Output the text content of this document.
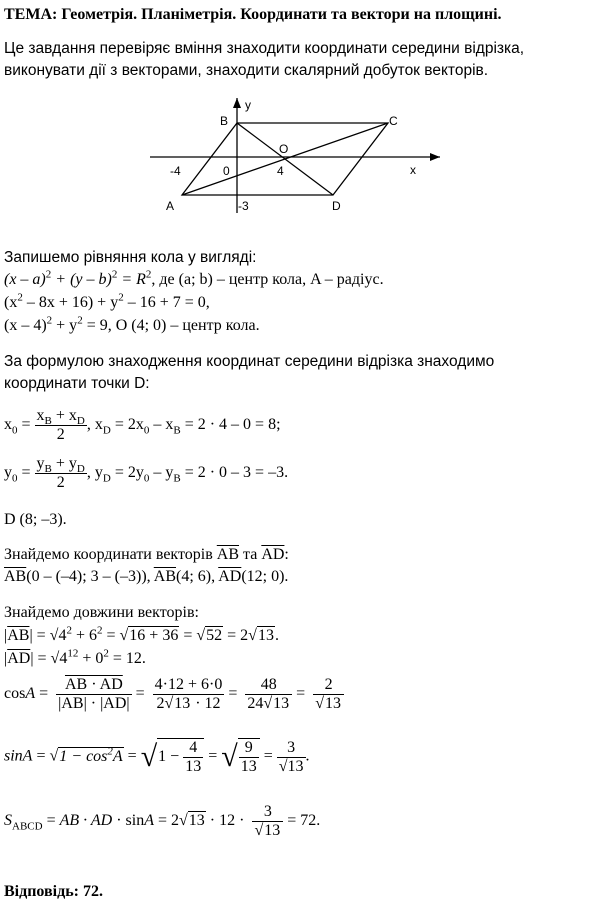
ТЕМА: Геометрія. Планіметрія. Координати та вектори на площині.
Це завдання перевіряє вміння знаходити координати середини відрізка,
виконувати дії з векторами, знаходити скалярний добуток векторів.
y
x
B	C
O
A	D
-4	0	4
-3
Запишемо рівняння кола у вигляді:
$(x - a)^2 + (y - b)^2 = R^2$, де (a; b) – центр кола, A – радіус.
$(x^2 - 8x + 16) + y^2 - 16 + 7 = 0$,
$(x - 4)^2 + y^2 = 9$, O (4; 0) – центр кола.
За формулою знаходження координат середини відрізка знаходимо
координати точки D:
$x_0 = \frac{x_B + x_D}{2}$ , $x_D = 2x_0 - x_B = 2 \cdot 4 - 0 = 8$;
$y_0 = \frac{y_B + y_D}{2}$ , $y_D = 2y_0 - y_B = 2 \cdot 0 - 3 = -3$.
D (8; –3).
Знайдемо координати векторів $\overline{AB}$ та $\overline{AD}$:
$\overline{AB}(0 - (-4)$; 3 – (–3)), $\overline{AB}(4$; 6), $\overline{AD}(12$; 0).
Знайдемо довжини векторів:
$|\overline{AB}| = √4^2 + 6^2 = √16 + 36 = √52 = 2√13$.
$|\overline{AD}| = √4^{12} + 0^2 = 12$.
$\cos A = \frac{AB \cdot AD}{|AB| \cdot |AD|} = \frac{4\cdot 12 + 6\cdot 0}{2√13 \cdot 12} = \frac{48}{24√13} = \frac{2}{√13}$
$\sin A = √1 - \cos^2A = √1 - \frac{4}{13}$ = √ $\frac{9}{13} = \frac{3}{√13}$ .
$S_{ABCD}$ = AB · AD · $\sin A = 2√13 \cdot 12 \cdot \frac{3}{√13} = 72$.
Відповідь: 72.
